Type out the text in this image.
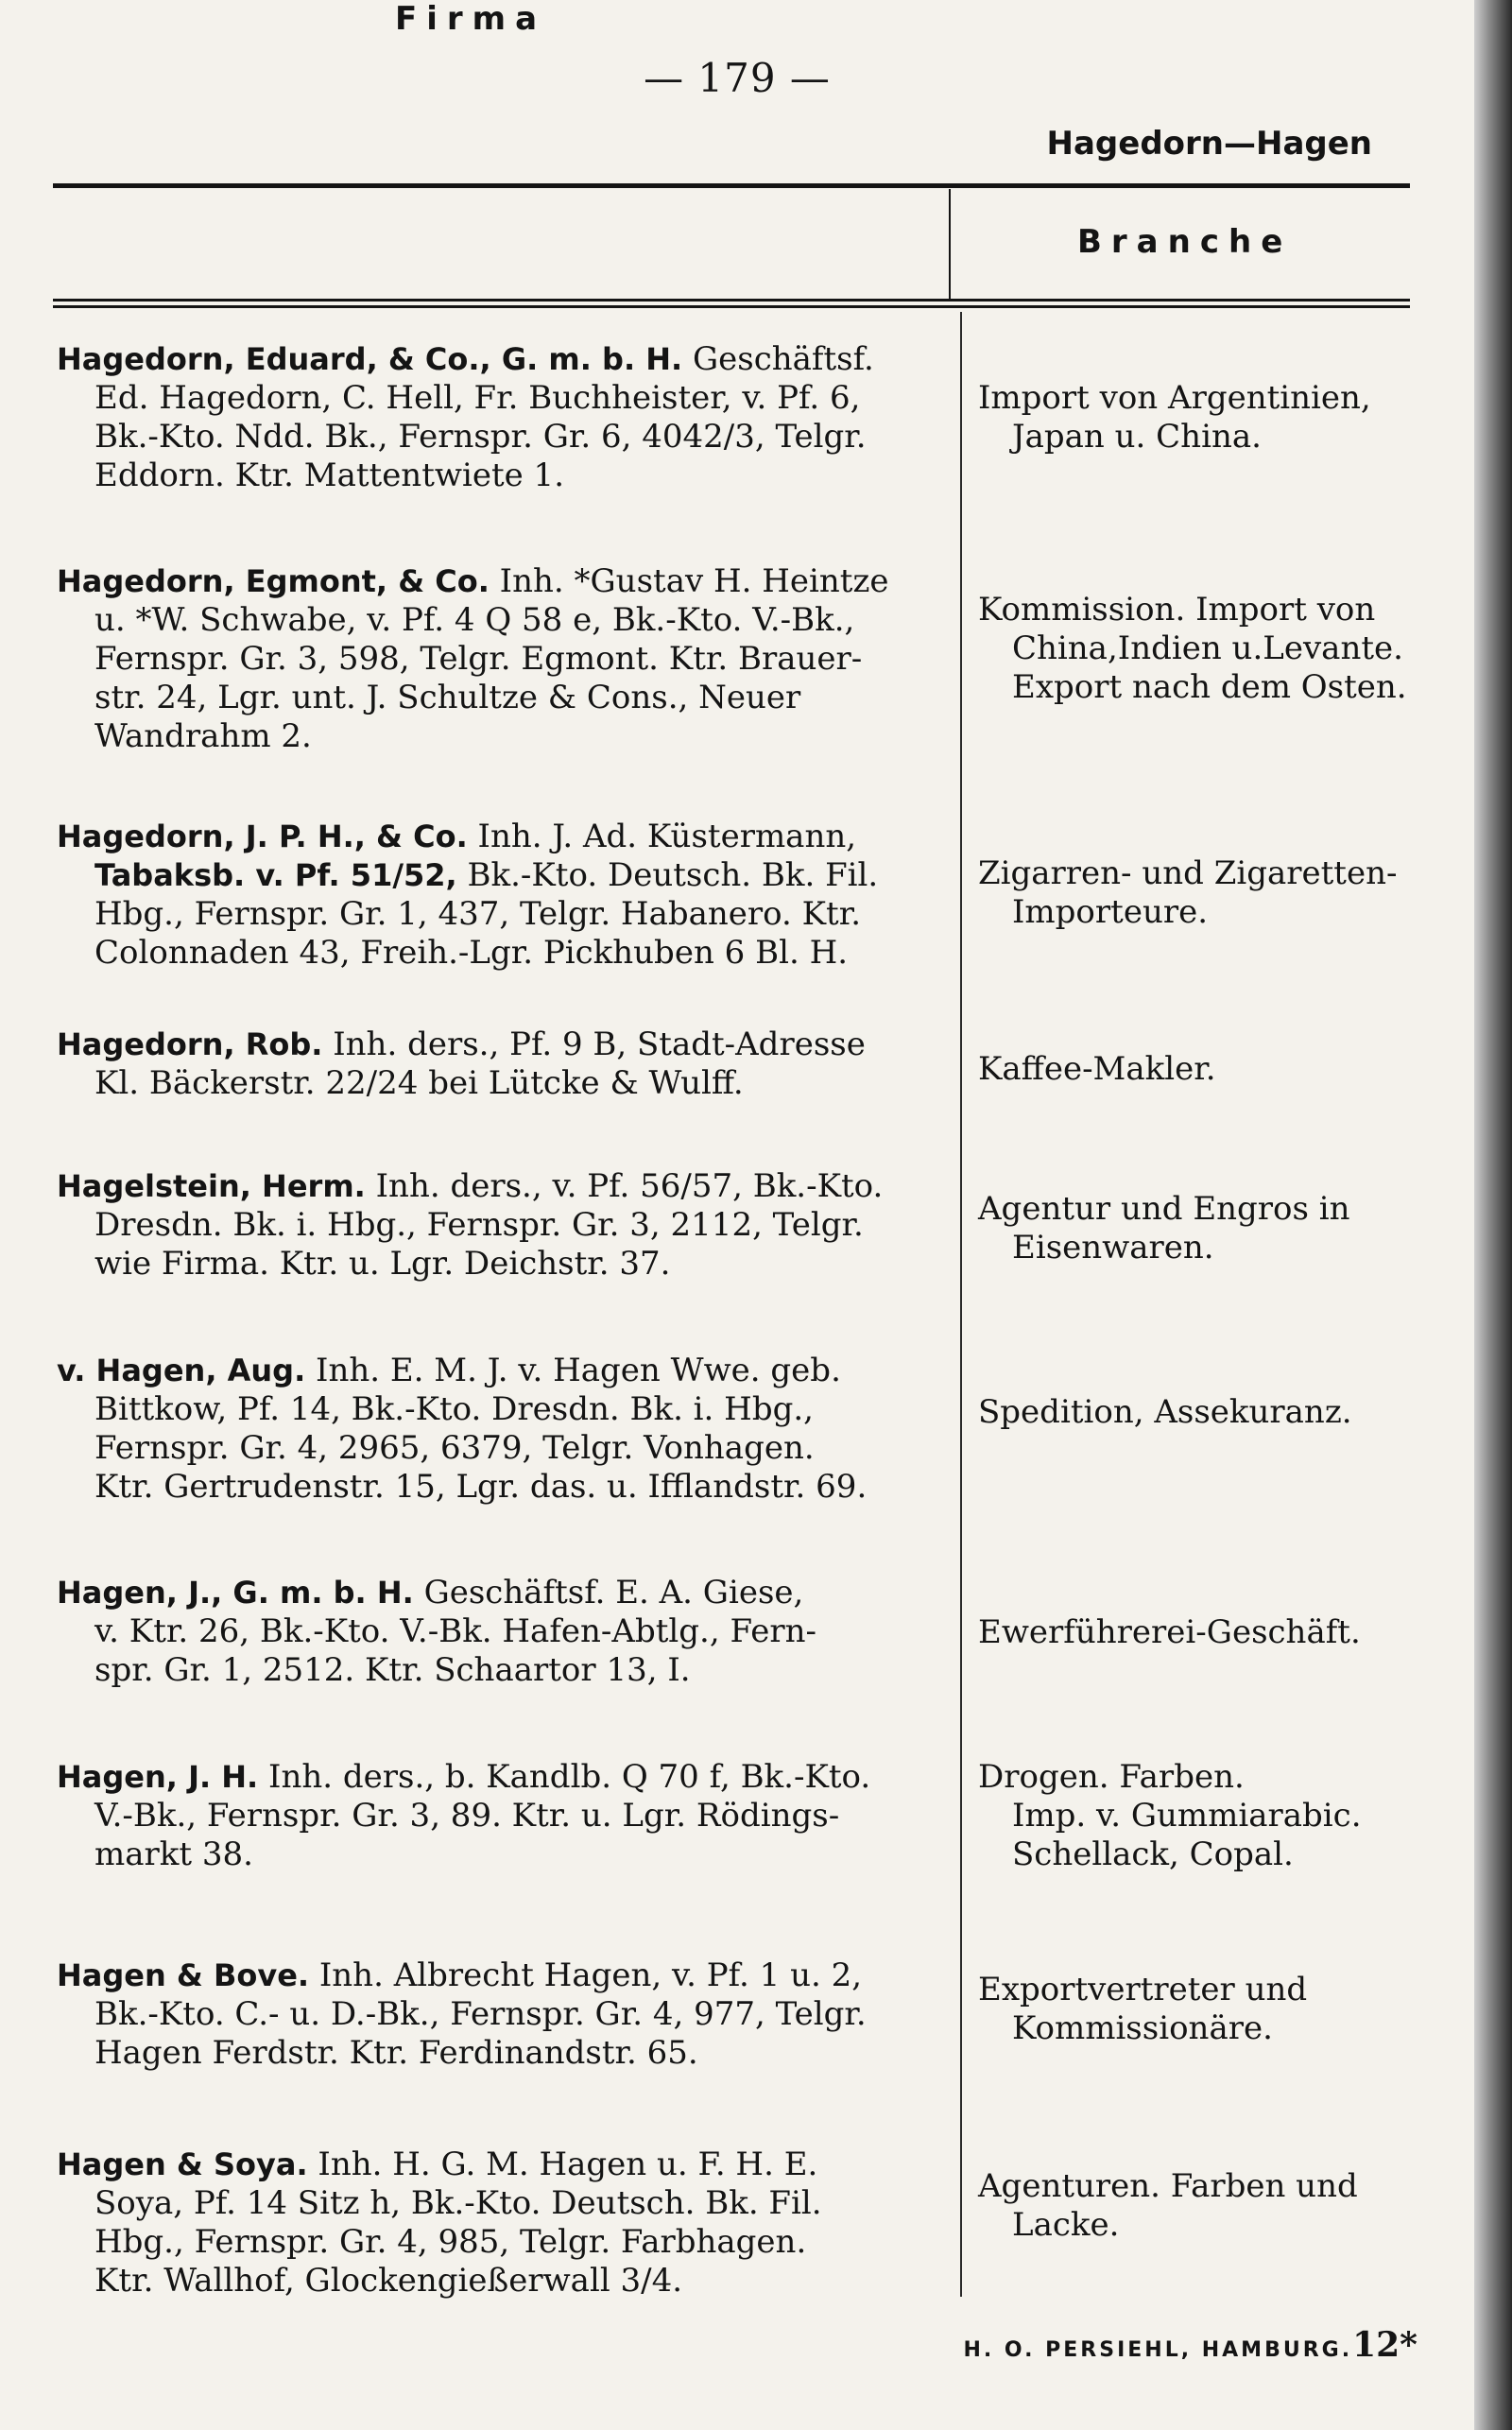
— 179 —
Hagedorn—Hagen
Firma
Branche
Hagedorn, Eduard, & Co., G. m. b. H. Geschäftsf.
Ed. Hagedorn, C. Hell, Fr. Buchheister, v. Pf. 6,
Bk.-Kto. Ndd. Bk., Fernspr. Gr. 6, 4042/3, Telgr.
Eddorn. Ktr. Mattentwiete 1.
Import von Argentinien,
Japan u. China.
Hagedorn, Egmont, & Co. Inh. *Gustav H. Heintze
u. *W. Schwabe, v. Pf. 4 Q 58 e, Bk.-Kto. V.-Bk.,
Fernspr. Gr. 3, 598, Telgr. Egmont. Ktr. Brauer-
str. 24, Lgr. unt. J. Schultze & Cons., Neuer
Wandrahm 2.
Kommission. Import von
China,Indien u.Levante.
Export nach dem Osten.
Hagedorn, J. P. H., & Co. Inh. J. Ad. Küstermann,
Tabaksb. v. Pf. 51/52, Bk.-Kto. Deutsch. Bk. Fil.
Hbg., Fernspr. Gr. 1, 437, Telgr. Habanero. Ktr.
Colonnaden 43, Freih.-Lgr. Pickhuben 6 Bl. H.
Zigarren- und Zigaretten-
Importeure.
Hagedorn, Rob. Inh. ders., Pf. 9 B, Stadt-Adresse
Kl. Bäckerstr. 22/24 bei Lütcke & Wulff.	Kaffee-Makler.
Hagelstein, Herm. Inh. ders., v. Pf. 56/57, Bk.-Kto.
Dresdn. Bk. i. Hbg., Fernspr. Gr. 3, 2112, Telgr.
wie Firma. Ktr. u. Lgr. Deichstr. 37.
Agentur und Engros in
Eisenwaren.
v. Hagen, Aug. Inh. E. M. J. v. Hagen Wwe. geb.
Bittkow, Pf. 14, Bk.-Kto. Dresdn. Bk. i. Hbg.,
Fernspr. Gr. 4, 2965, 6379, Telgr. Vonhagen.
Ktr. Gertrudenstr. 15, Lgr. das. u. Ifflandstr. 69.
Spedition, Assekuranz.
Hagen, J., G. m. b. H. Geschäftsf. E. A. Giese,
v. Ktr. 26, Bk.-Kto. V.-Bk. Hafen-Abtlg., Fern-
spr. Gr. 1, 2512. Ktr. Schaartor 13, I.
Ewerführerei-Geschäft.
Hagen, J. H. Inh. ders., b. Kandlb. Q 70 f, Bk.-Kto.
V.-Bk., Fernspr. Gr. 3, 89. Ktr. u. Lgr. Rödings-
markt 38.
Drogen. Farben.
Imp. v. Gummiarabic.
Schellack, Copal.
Hagen & Bove. Inh. Albrecht Hagen, v. Pf. 1 u. 2,
Bk.-Kto. C.- u. D.-Bk., Fernspr. Gr. 4, 977, Telgr.
Hagen Ferdstr. Ktr. Ferdinandstr. 65.
Exportvertreter und
Kommissionäre.
Hagen & Soya. Inh. H. G. M. Hagen u. F. H. E.
Soya, Pf. 14 Sitz h, Bk.-Kto. Deutsch. Bk. Fil.
Hbg., Fernspr. Gr. 4, 985, Telgr. Farbhagen.
Ktr. Wallhof, Glockengießerwall 3/4.
Agenturen. Farben und
Lacke.
H. O. PERSIEHL, HAMBURG.12*
